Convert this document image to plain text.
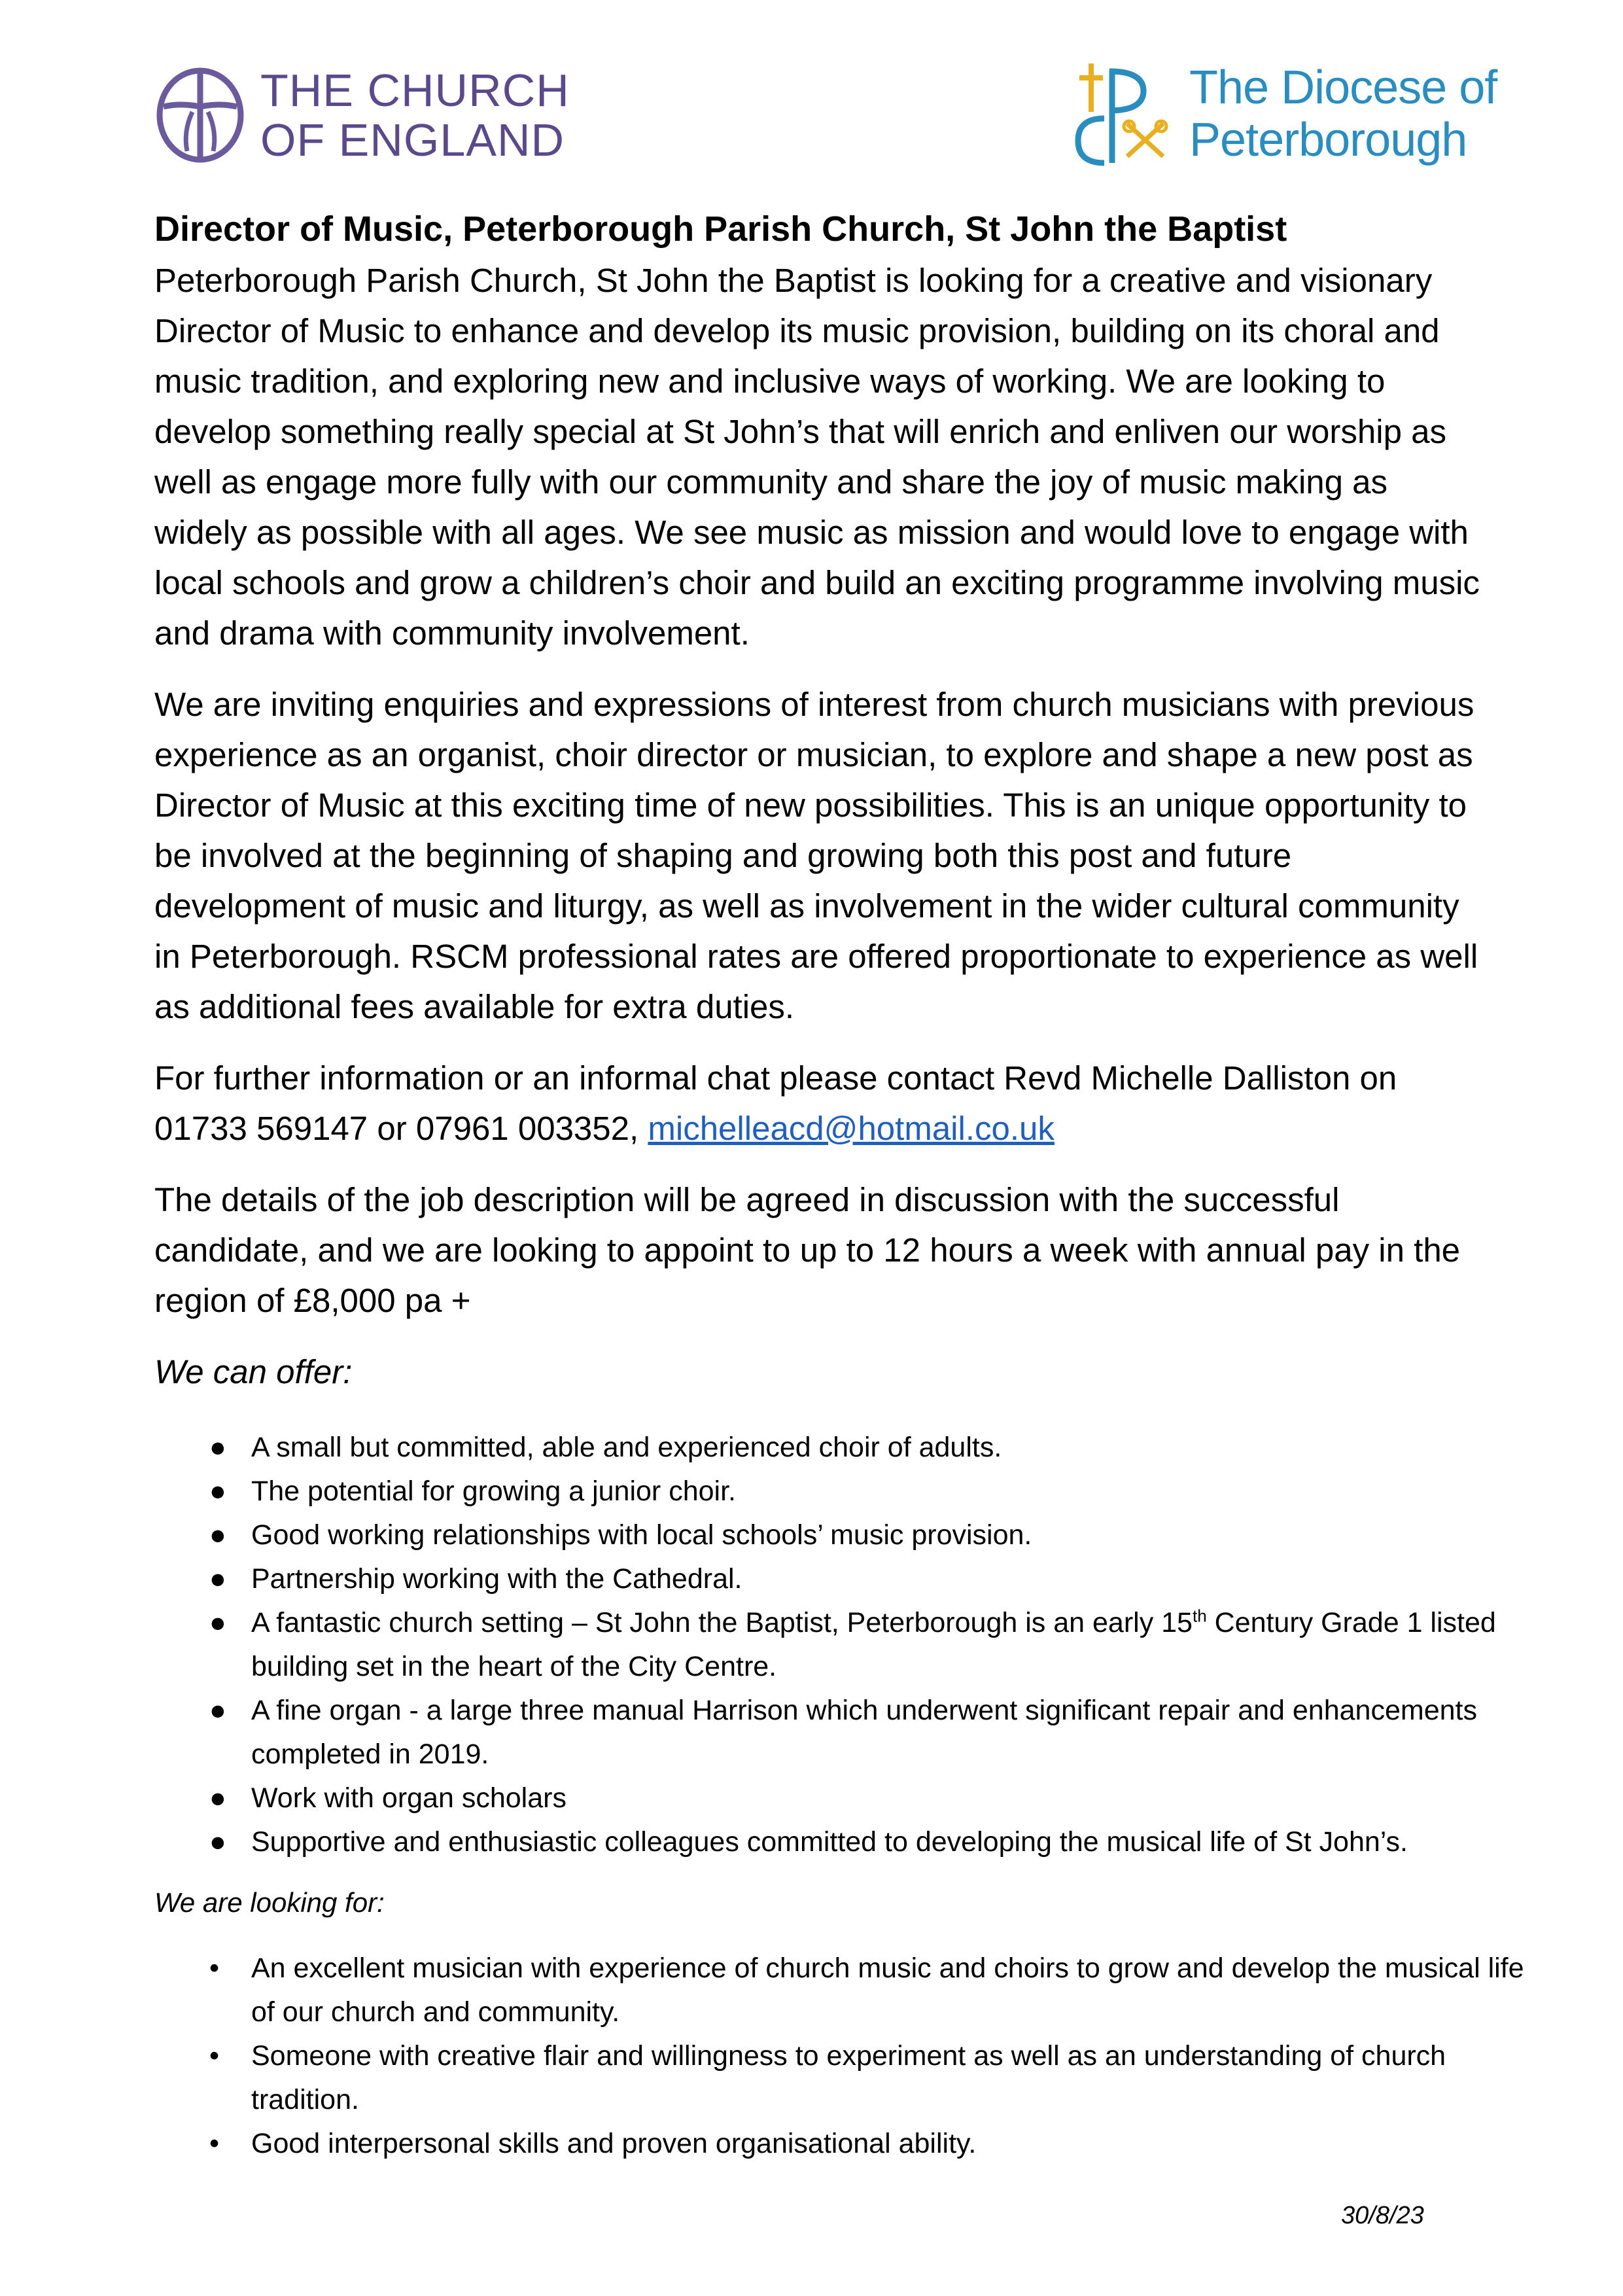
THE CHURCH
OF ENGLAND
The Diocese of
Peterborough
Director of Music, Peterborough Parish Church, St John the Baptist

Peterborough Parish Church, St John the Baptist is looking for a creative and visionary Director of Music to enhance and develop its music provision, building on its choral and music tradition, and exploring new and inclusive ways of working. We are looking to develop something really special at St John’s that will enrich and enliven our worship as well as engage more fully with our community and share the joy of music making as widely as possible with all ages. We see music as mission and would love to engage with local schools and grow a children’s choir and build an exciting programme involving music and drama with community involvement.

We are inviting enquiries and expressions of interest from church musicians with previous experience as an organist, choir director or musician, to explore and shape a new post as Director of Music at this exciting time of new possibilities. This is an unique opportunity to be involved at the beginning of shaping and growing both this post and future development of music and liturgy, as well as involvement in the wider cultural community in Peterborough. RSCM professional rates are offered proportionate to experience as well as additional fees available for extra duties.

For further information or an informal chat please contact Revd Michelle Dalliston on 01733 569147 or 07961 003352, michelleacd@hotmail.co.uk

The details of the job description will be agreed in discussion with the successful candidate, and we are looking to appoint to up to 12 hours a week with annual pay in the region of £8,000 pa +

We can offer:
● A small but committed, able and experienced choir of adults.
● The potential for growing a junior choir.
● Good working relationships with local schools’ music provision.
● Partnership working with the Cathedral.
● A fantastic church setting – St John the Baptist, Peterborough is an early 15th Century Grade 1 listed building set in the heart of the City Centre.
● A fine organ - a large three manual Harrison which underwent significant repair and enhancements completed in 2019.
● Work with organ scholars
● Supportive and enthusiastic colleagues committed to developing the musical life of St John’s.
We are looking for:
• An excellent musician with experience of church music and choirs to grow and develop the musical life of our church and community.
• Someone with creative flair and willingness to experiment as well as an understanding of church tradition.
• Good interpersonal skills and proven organisational ability.
30/8/23
